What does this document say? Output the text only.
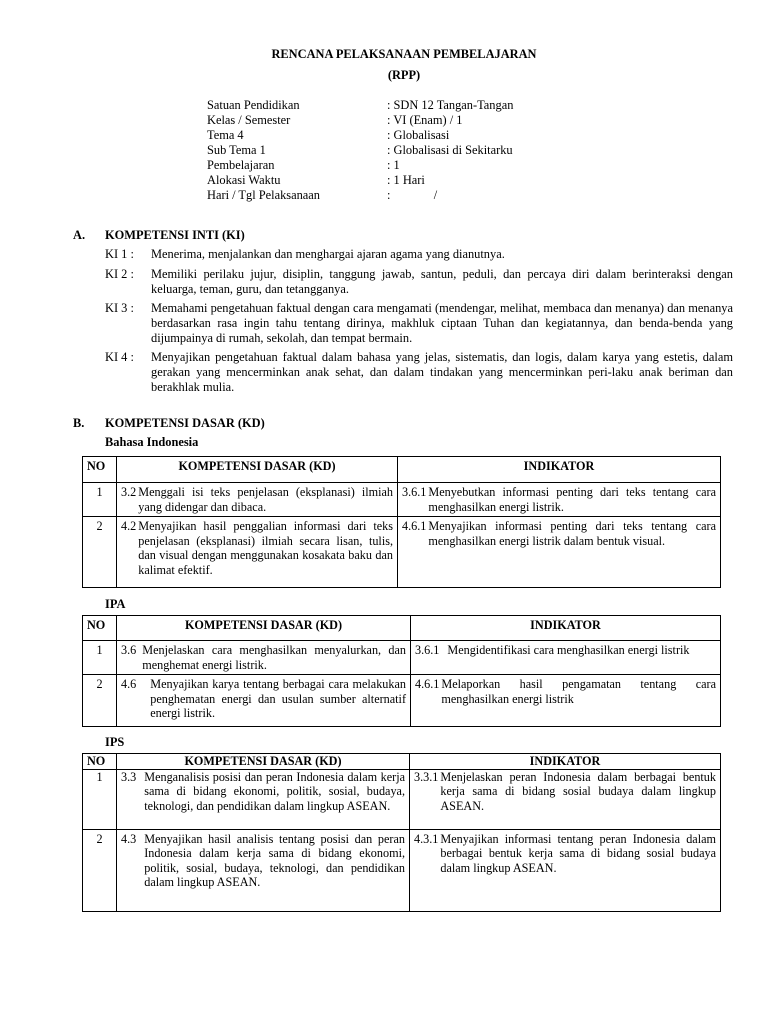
RENCANA PELAKSANAAN PEMBELAJARAN
(RPP)
Satuan Pendidikan	: SDN 12 Tangan-Tangan
Kelas / Semester	: VI (Enam) / 1
Tema 4	: Globalisasi
Sub Tema 1	: Globalisasi di Sekitarku
Pembelajaran	: 1
Alokasi Waktu	: 1 Hari
Hari / Tgl Pelaksanaan	:              /
A. KOMPETENSI INTI (KI)
KI 1 :	Menerima, menjalankan dan menghargai ajaran agama yang dianutnya.
KI 2 :	Memiliki perilaku jujur, disiplin, tanggung jawab, santun, peduli, dan percaya diri dalam berinteraksi dengan keluarga, teman, guru, dan tetangganya.
KI 3 :	Memahami pengetahuan faktual dengan cara mengamati (mendengar, melihat, membaca dan menanya) dan menanya berdasarkan rasa ingin tahu tentang dirinya, makhluk ciptaan Tuhan dan kegiatannya, dan benda-benda yang dijumpainya di rumah, sekolah, dan tempat bermain.
KI 4 :	Menyajikan pengetahuan faktual dalam bahasa yang jelas, sistematis, dan logis, dalam karya yang estetis, dalam gerakan yang mencerminkan anak sehat, dan dalam tindakan yang mencerminkan peri-laku anak beriman dan berakhlak mulia.
B. KOMPETENSI DASAR (KD)
Bahasa Indonesia
NO	KOMPETENSI DASAR (KD)	INDIKATOR
1	3.2 Menggali isi teks penjelasan (eksplanasi) ilmiah yang didengar dan dibaca.	3.6.1 Menyebutkan informasi penting dari teks tentang cara menghasilkan energi listrik.

2	4.2 Menyajikan hasil penggalian informasi dari teks penjelasan (eksplanasi) ilmiah secara lisan, tulis, dan visual dengan menggunakan kosakata baku dan kalimat efektif.	4.6.1 Menyajikan informasi penting dari teks tentang cara menghasilkan energi listrik dalam bentuk visual.
IPA
NO	KOMPETENSI DASAR (KD)	INDIKATOR
1	3.6 Menjelaskan cara menghasilkan menyalurkan, dan menghemat energi listrik.	3.6.1 Mengidentifikasi cara menghasilkan energi listrik

2	4.6 Menyajikan karya tentang berbagai cara melakukan penghematan energi dan usulan sumber alternatif energi listrik.	4.6.1 Melaporkan hasil pengamatan tentang cara menghasilkan energi listrik
IPS
NO	KOMPETENSI DASAR (KD)	INDIKATOR
1	3.3 Menganalisis posisi dan peran Indonesia dalam kerja sama di bidang ekonomi, politik, sosial, budaya, teknologi, dan pendidikan dalam lingkup ASEAN.	3.3.1 Menjelaskan peran Indonesia dalam berbagai bentuk kerja sama di bidang sosial budaya dalam lingkup ASEAN.

2	4.3 Menyajikan hasil analisis tentang posisi dan peran Indonesia dalam kerja sama di bidang ekonomi, politik, sosial, budaya, teknologi, dan pendidikan dalam lingkup ASEAN.	4.3.1 Menyajikan informasi tentang peran Indonesia dalam berbagai bentuk kerja sama di bidang sosial budaya dalam lingkup ASEAN.
